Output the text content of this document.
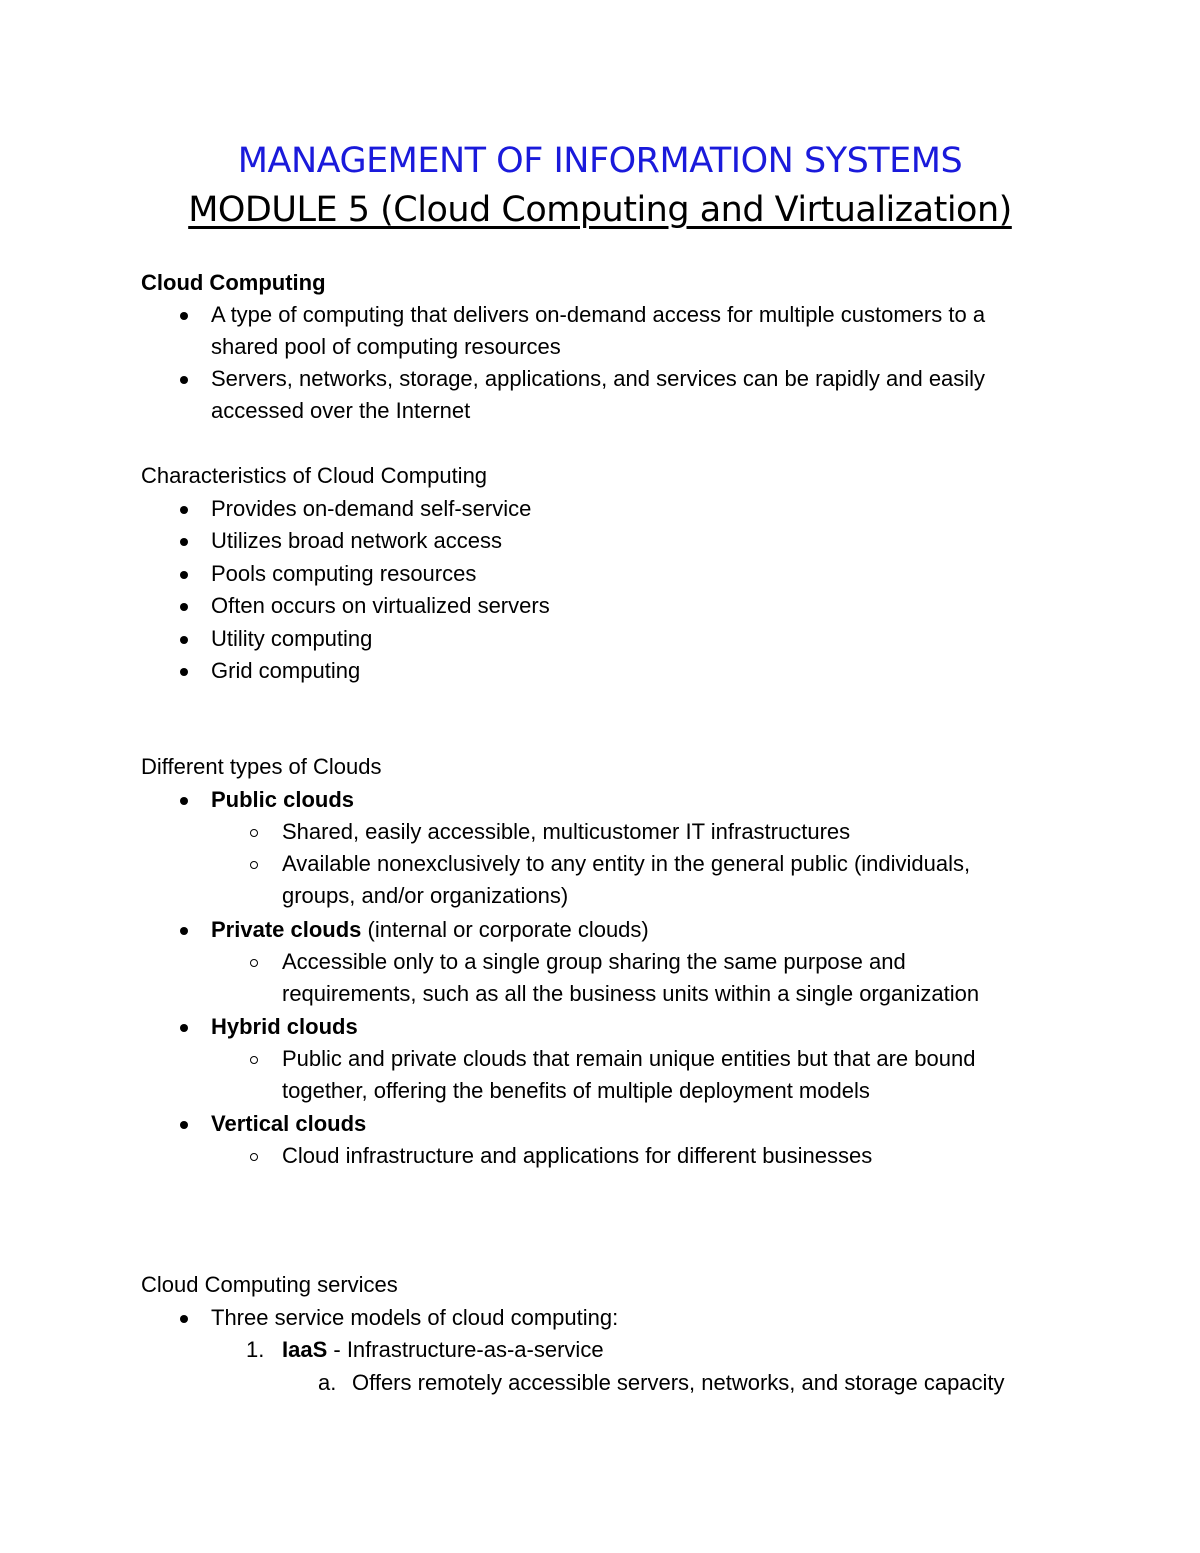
MANAGEMENT OF INFORMATION SYSTEMS
MODULE 5 (Cloud Computing and Virtualization)
Cloud Computing
A type of computing that delivers on-demand access for multiple customers to a
shared pool of computing resources
Servers, networks, storage, applications, and services can be rapidly and easily
accessed over the Internet
Characteristics of Cloud Computing
Provides on-demand self-service
Utilizes broad network access
Pools computing resources
Often occurs on virtualized servers
Utility computing
Grid computing
Different types of Clouds
Public clouds
Shared, easily accessible, multicustomer IT infrastructures
Available nonexclusively to any entity in the general public (individuals,
groups, and/or organizations)
Private clouds (internal or corporate clouds)
Accessible only to a single group sharing the same purpose and
requirements, such as all the business units within a single organization
Hybrid clouds
Public and private clouds that remain unique entities but that are bound
together, offering the benefits of multiple deployment models
Vertical clouds
Cloud infrastructure and applications for different businesses
Cloud Computing services
Three service models of cloud computing:
1. IaaS - Infrastructure-as-a-service
a. Offers remotely accessible servers, networks, and storage capacity
